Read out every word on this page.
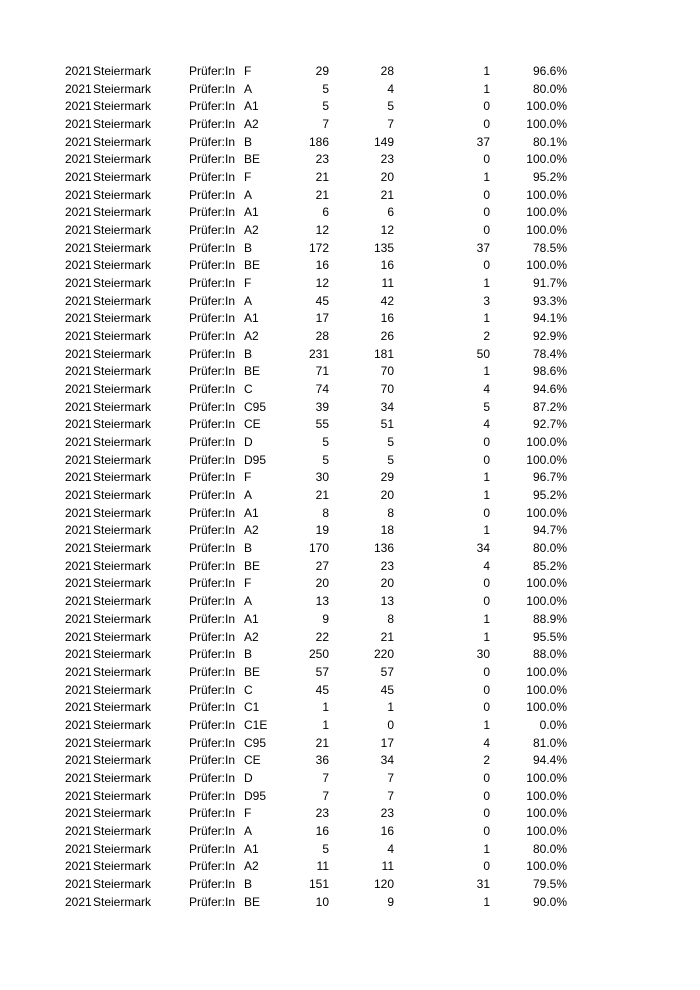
2021 Steiermark	Prüfer:In F	29	28	1	96.6%
2021 Steiermark	Prüfer:In A	5	4	1	80.0%
2021 Steiermark	Prüfer:In A1	5	5	0	100.0%
2021 Steiermark	Prüfer:In A2	7	7	0	100.0%
2021 Steiermark	Prüfer:In B	186	149	37	80.1%
2021 Steiermark	Prüfer:In BE	23	23	0	100.0%
2021 Steiermark	Prüfer:In F	21	20	1	95.2%
2021 Steiermark	Prüfer:In A	21	21	0	100.0%
2021 Steiermark	Prüfer:In A1	6	6	0	100.0%
2021 Steiermark	Prüfer:In A2	12	12	0	100.0%
2021 Steiermark	Prüfer:In B	172	135	37	78.5%
2021 Steiermark	Prüfer:In BE	16	16	0	100.0%
2021 Steiermark	Prüfer:In F	12	11	1	91.7%
2021 Steiermark	Prüfer:In A	45	42	3	93.3%
2021 Steiermark	Prüfer:In A1	17	16	1	94.1%
2021 Steiermark	Prüfer:In A2	28	26	2	92.9%
2021 Steiermark	Prüfer:In B	231	181	50	78.4%
2021 Steiermark	Prüfer:In BE	71	70	1	98.6%
2021 Steiermark	Prüfer:In C	74	70	4	94.6%
2021 Steiermark	Prüfer:In C95	39	34	5	87.2%
2021 Steiermark	Prüfer:In CE	55	51	4	92.7%
2021 Steiermark	Prüfer:In D	5	5	0	100.0%
2021 Steiermark	Prüfer:In D95	5	5	0	100.0%
2021 Steiermark	Prüfer:In F	30	29	1	96.7%
2021 Steiermark	Prüfer:In A	21	20	1	95.2%
2021 Steiermark	Prüfer:In A1	8	8	0	100.0%
2021 Steiermark	Prüfer:In A2	19	18	1	94.7%
2021 Steiermark	Prüfer:In B	170	136	34	80.0%
2021 Steiermark	Prüfer:In BE	27	23	4	85.2%
2021 Steiermark	Prüfer:In F	20	20	0	100.0%
2021 Steiermark	Prüfer:In A	13	13	0	100.0%
2021 Steiermark	Prüfer:In A1	9	8	1	88.9%
2021 Steiermark	Prüfer:In A2	22	21	1	95.5%
2021 Steiermark	Prüfer:In B	250	220	30	88.0%
2021 Steiermark	Prüfer:In BE	57	57	0	100.0%
2021 Steiermark	Prüfer:In C	45	45	0	100.0%
2021 Steiermark	Prüfer:In C1	1	1	0	100.0%
2021 Steiermark	Prüfer:In C1E	1	0	1	0.0%
2021 Steiermark	Prüfer:In C95	21	17	4	81.0%
2021 Steiermark	Prüfer:In CE	36	34	2	94.4%
2021 Steiermark	Prüfer:In D	7	7	0	100.0%
2021 Steiermark	Prüfer:In D95	7	7	0	100.0%
2021 Steiermark	Prüfer:In F	23	23	0	100.0%
2021 Steiermark	Prüfer:In A	16	16	0	100.0%
2021 Steiermark	Prüfer:In A1	5	4	1	80.0%
2021 Steiermark	Prüfer:In A2	11	11	0	100.0%
2021 Steiermark	Prüfer:In B	151	120	31	79.5%
2021 Steiermark	Prüfer:In BE	10	9	1	90.0%
